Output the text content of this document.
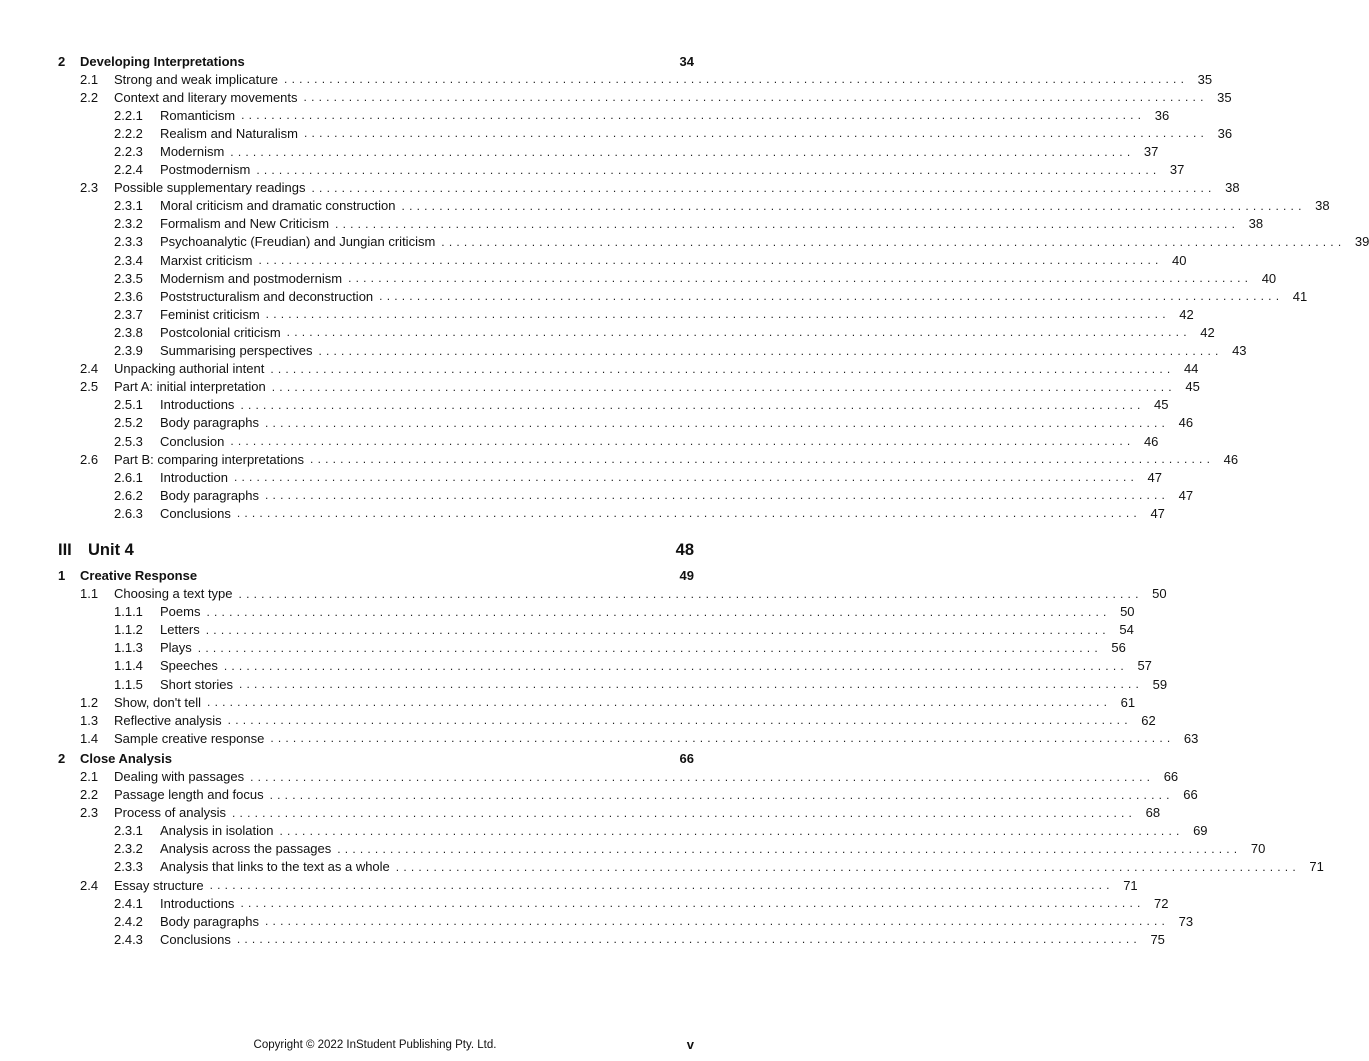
2	Developing Interpretations	34
2.1	Strong and weak implicature ........................................................................................................................ 35
2.2	Context and literary movements ........................................................................................................................ 35
2.2.1	Romanticism ........................................................................................................................ 36
2.2.2	Realism and Naturalism ........................................................................................................................ 36
2.2.3	Modernism ........................................................................................................................ 37
2.2.4	Postmodernism ........................................................................................................................ 37
2.3	Possible supplementary readings ........................................................................................................................ 38
2.3.1	Moral criticism and dramatic construction ........................................................................................................................ 38
2.3.2	Formalism and New Criticism ........................................................................................................................ 38
2.3.3	Psychoanalytic (Freudian) and Jungian criticism ........................................................................................................................ 39
2.3.4	Marxist criticism ........................................................................................................................ 40
2.3.5	Modernism and postmodernism ........................................................................................................................ 40
2.3.6	Poststructuralism and deconstruction ........................................................................................................................ 41
2.3.7	Feminist criticism ........................................................................................................................ 42
2.3.8	Postcolonial criticism ........................................................................................................................ 42
2.3.9	Summarising perspectives ........................................................................................................................ 43
2.4	Unpacking authorial intent ........................................................................................................................ 44
2.5	Part A: initial interpretation ........................................................................................................................ 45
2.5.1	Introductions ........................................................................................................................ 45
2.5.2	Body paragraphs ........................................................................................................................ 46
2.5.3	Conclusion ........................................................................................................................ 46
2.6	Part B: comparing interpretations ........................................................................................................................ 46
2.6.1	Introduction ........................................................................................................................ 47
2.6.2	Body paragraphs ........................................................................................................................ 47
2.6.3	Conclusions ........................................................................................................................ 47
III Unit 4	48
1	Creative Response	49
1.1	Choosing a text type ........................................................................................................................ 50
1.1.1	Poems ........................................................................................................................ 50
1.1.2	Letters ........................................................................................................................ 54
1.1.3	Plays ........................................................................................................................ 56
1.1.4	Speeches ........................................................................................................................ 57
1.1.5	Short stories ........................................................................................................................ 59
1.2	Show, don't tell ........................................................................................................................ 61
1.3	Reflective analysis ........................................................................................................................ 62
1.4	Sample creative response ........................................................................................................................ 63
2	Close Analysis	66
2.1	Dealing with passages ........................................................................................................................ 66
2.2	Passage length and focus ........................................................................................................................ 66
2.3	Process of analysis ........................................................................................................................ 68
2.3.1	Analysis in isolation ........................................................................................................................ 69
2.3.2	Analysis across the passages ........................................................................................................................ 70
2.3.3	Analysis that links to the text as a whole ........................................................................................................................ 71
2.4	Essay structure ........................................................................................................................ 71
2.4.1	Introductions ........................................................................................................................ 72
2.4.2	Body paragraphs ........................................................................................................................ 73
2.4.3	Conclusions ........................................................................................................................ 75
Copyright © 2022 InStudent Publishing Pty. Ltd.	v
